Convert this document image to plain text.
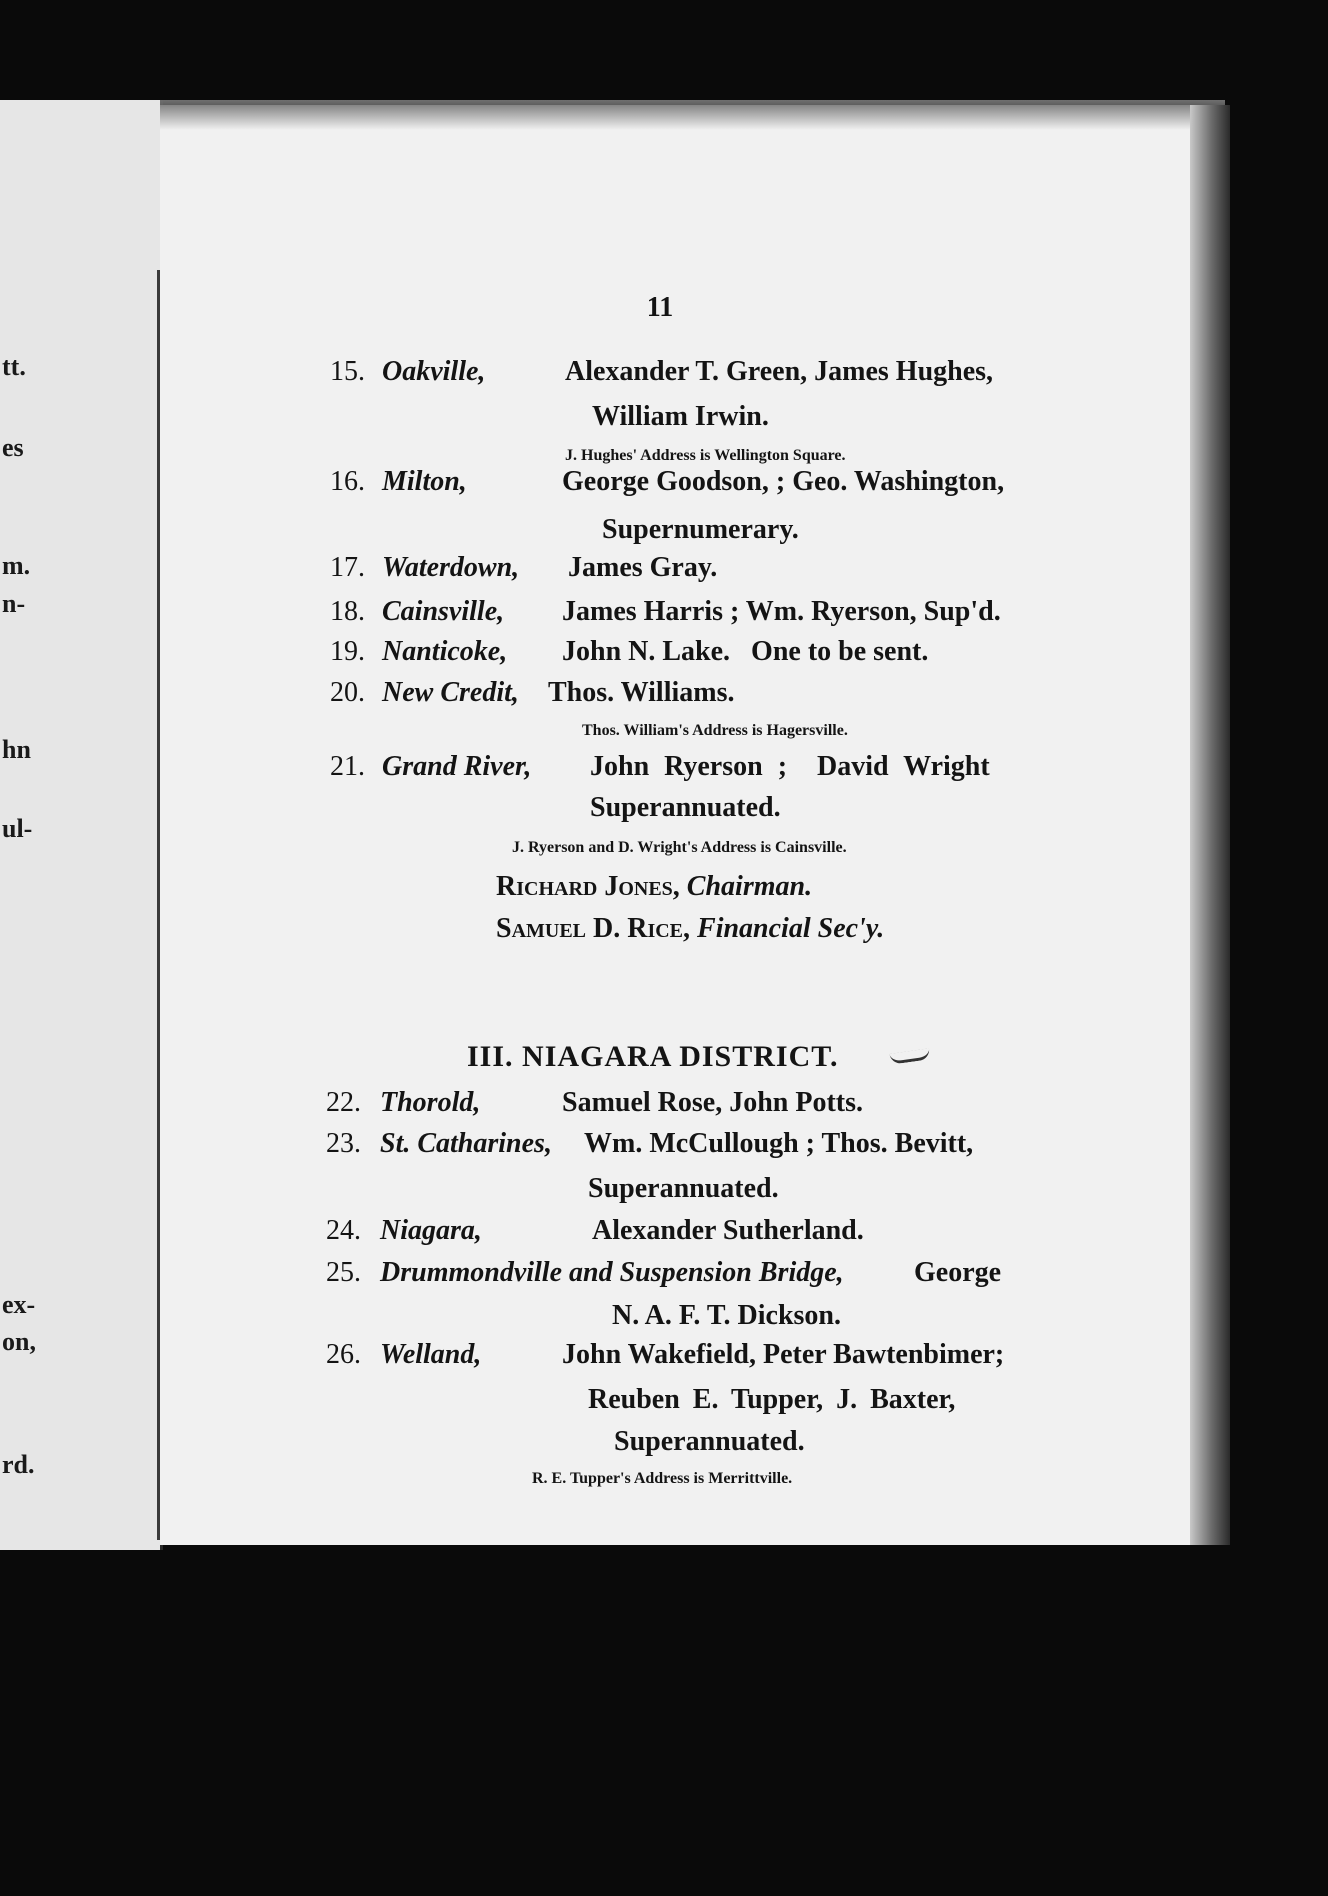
tt.
es
m.
n-
hn
ul-
ex-
on,
rd.
11
15. Oakville,	Alexander T. Green, James Hughes,
William Irwin.
J. Hughes' Address is Wellington Square.
16. Milton,	George Goodson, ; Geo. Washington,
Supernumerary.
17. Waterdown, James Gray.
18. Cainsville, James Harris ; Wm. Ryerson, Sup'd.
19. Nanticoke, John N. Lake.   One to be sent.
20. New Credit, Thos. Williams.
Thos. William's Address is Hagersville.
21. Grand River, John Ryerson ;  David Wright
Superannuated.
J. Ryerson and D. Wright's Address is Cainsville.
Richard Jones, Chairman.
Samuel D. Rice, Financial Sec'y.
III. NIAGARA DISTRICT.
22. Thorold,	Samuel Rose, John Potts.
23. St. Catharines, Wm. McCullough ; Thos. Bevitt,
Superannuated.
24. Niagara,	Alexander Sutherland.
25. Drummondville and Suspension Bridge,	George
N. A. F. T. Dickson.
26. Welland,	John Wakefield, Peter Bawtenbimer;
Reuben E. Tupper, J. Baxter,
Superannuated.
R. E. Tupper's Address is Merrittville.
